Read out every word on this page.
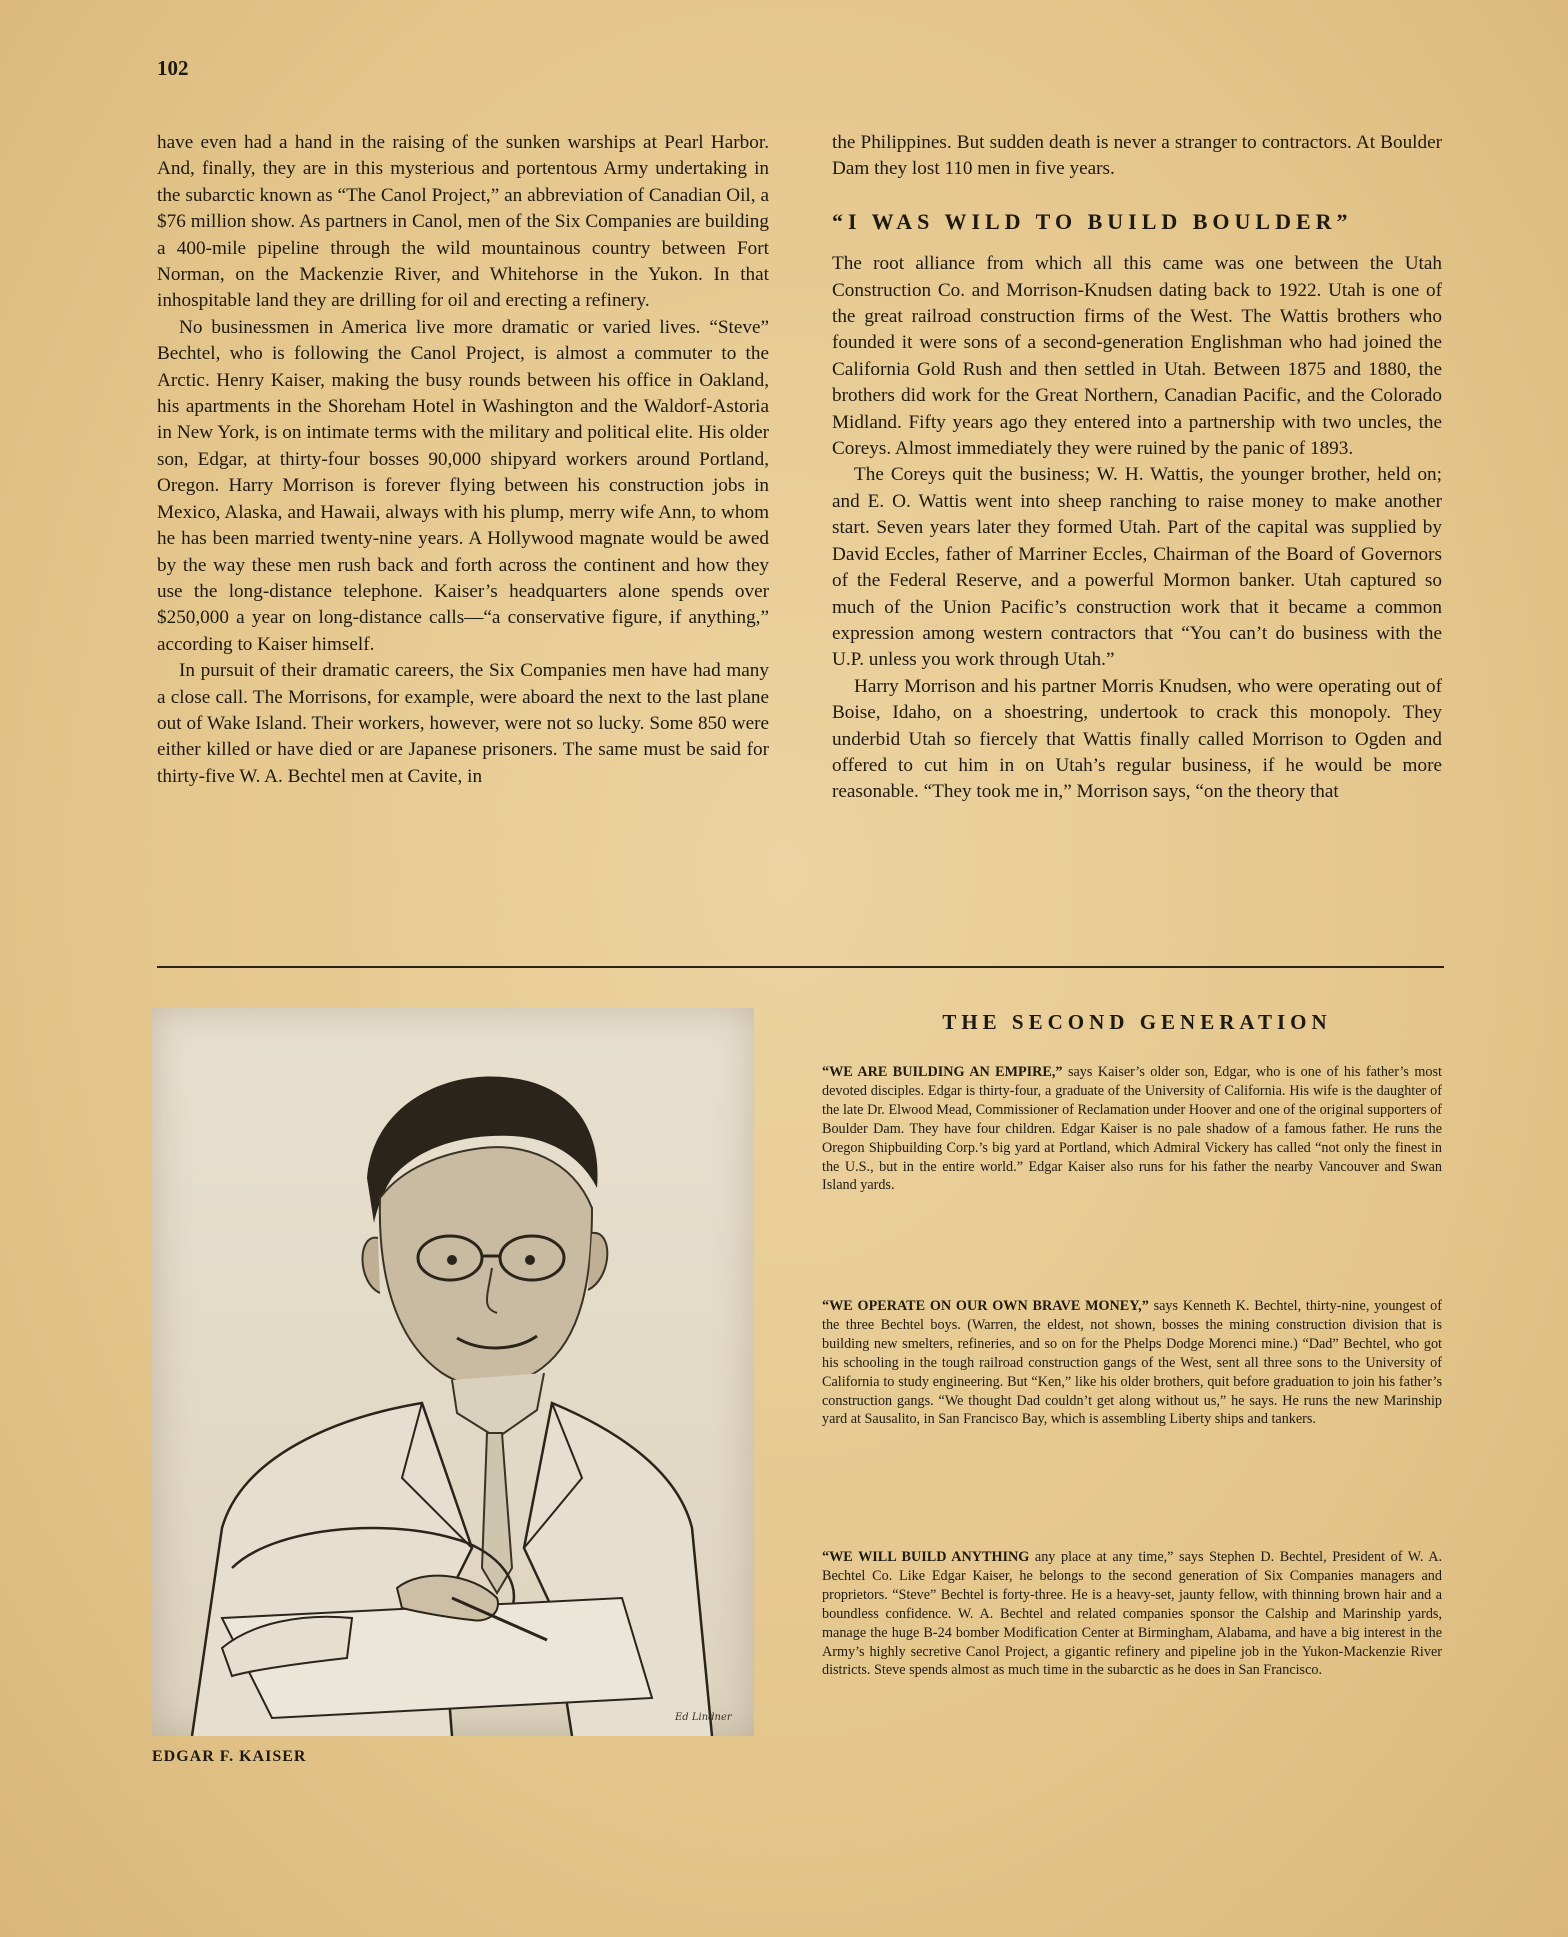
102

have even had a hand in the raising of the sunken warships at Pearl Harbor. And, finally, they are in this mysterious and portentous Army undertaking in the subarctic known as “The Canol Project,” an abbreviation of Canadian Oil, a $76 million show. As partners in Canol, men of the Six Companies are building a 400-mile pipeline through the wild mountainous country between Fort Norman, on the Mackenzie River, and Whitehorse in the Yukon. In that inhospitable land they are drilling for oil and erecting a refinery.

No businessmen in America live more dramatic or varied lives. “Steve” Bechtel, who is following the Canol Project, is almost a commuter to the Arctic. Henry Kaiser, making the busy rounds between his office in Oakland, his apartments in the Shoreham Hotel in Washington and the Waldorf-Astoria in New York, is on intimate terms with the military and political elite. His older son, Edgar, at thirty-four bosses 90,000 shipyard workers around Portland, Oregon. Harry Morrison is forever flying between his construction jobs in Mexico, Alaska, and Hawaii, always with his plump, merry wife Ann, to whom he has been married twenty-nine years. A Hollywood magnate would be awed by the way these men rush back and forth across the continent and how they use the long-distance telephone. Kaiser’s headquarters alone spends over $250,000 a year on long-distance calls—“a conservative figure, if anything,” according to Kaiser himself.

In pursuit of their dramatic careers, the Six Companies men have had many a close call. The Morrisons, for example, were aboard the next to the last plane out of Wake Island. Their workers, however, were not so lucky. Some 850 were either killed or have died or are Japanese prisoners. The same must be said for thirty-five W. A. Bechtel men at Cavite, in

the Philippines. But sudden death is never a stranger to contractors. At Boulder Dam they lost 110 men in five years.

“I WAS WILD TO BUILD BOULDER”

The root alliance from which all this came was one between the Utah Construction Co. and Morrison-Knudsen dating back to 1922. Utah is one of the great railroad construction firms of the West. The Wattis brothers who founded it were sons of a second-generation Englishman who had joined the California Gold Rush and then settled in Utah. Between 1875 and 1880, the brothers did work for the Great Northern, Canadian Pacific, and the Colorado Midland. Fifty years ago they entered into a partnership with two uncles, the Coreys. Almost immediately they were ruined by the panic of 1893.

The Coreys quit the business; W. H. Wattis, the younger brother, held on; and E. O. Wattis went into sheep ranching to raise money to make another start. Seven years later they formed Utah. Part of the capital was supplied by David Eccles, father of Marriner Eccles, Chairman of the Board of Governors of the Federal Reserve, and a powerful Mormon banker. Utah captured so much of the Union Pacific’s construction work that it became a common expression among western contractors that “You can’t do business with the U.P. unless you work through Utah.”

Harry Morrison and his partner Morris Knudsen, who were operating out of Boise, Idaho, on a shoestring, undertook to crack this monopoly. They underbid Utah so fiercely that Wattis finally called Morrison to Ogden and offered to cut him in on Utah’s regular business, if he would be more reasonable. “They took me in,” Morrison says, “on the theory that

Ed Lindner
EDGAR F. KAISER
THE SECOND GENERATION
“WE ARE BUILDING AN EMPIRE,” says Kaiser’s older son, Edgar, who is one of his father’s most devoted disciples. Edgar is thirty-four, a graduate of the University of California. His wife is the daughter of the late Dr. Elwood Mead, Commissioner of Reclamation under Hoover and one of the original supporters of Boulder Dam. They have four children. Edgar Kaiser is no pale shadow of a famous father. He runs the Oregon Shipbuilding Corp.’s big yard at Portland, which Admiral Vickery has called “not only the finest in the U.S., but in the entire world.” Edgar Kaiser also runs for his father the nearby Vancouver and Swan Island yards.
“WE OPERATE ON OUR OWN BRAVE MONEY,” says Kenneth K. Bechtel, thirty-nine, youngest of the three Bechtel boys. (Warren, the eldest, not shown, bosses the mining construction division that is building new smelters, refineries, and so on for the Phelps Dodge Morenci mine.) “Dad” Bechtel, who got his schooling in the tough railroad construction gangs of the West, sent all three sons to the University of California to study engineering. But “Ken,” like his older brothers, quit before graduation to join his father’s construction gangs. “We thought Dad couldn’t get along without us,” he says. He runs the new Marinship yard at Sausalito, in San Francisco Bay, which is assembling Liberty ships and tankers.
“WE WILL BUILD ANYTHING any place at any time,” says Stephen D. Bechtel, President of W. A. Bechtel Co. Like Edgar Kaiser, he belongs to the second generation of Six Companies managers and proprietors. “Steve” Bechtel is forty-three. He is a heavy-set, jaunty fellow, with thinning brown hair and a boundless confidence. W. A. Bechtel and related companies sponsor the Calship and Marinship yards, manage the huge B-24 bomber Modification Center at Birmingham, Alabama, and have a big interest in the Army’s highly secretive Canol Project, a gigantic refinery and pipeline job in the Yukon-Mackenzie River districts. Steve spends almost as much time in the subarctic as he does in San Francisco.
